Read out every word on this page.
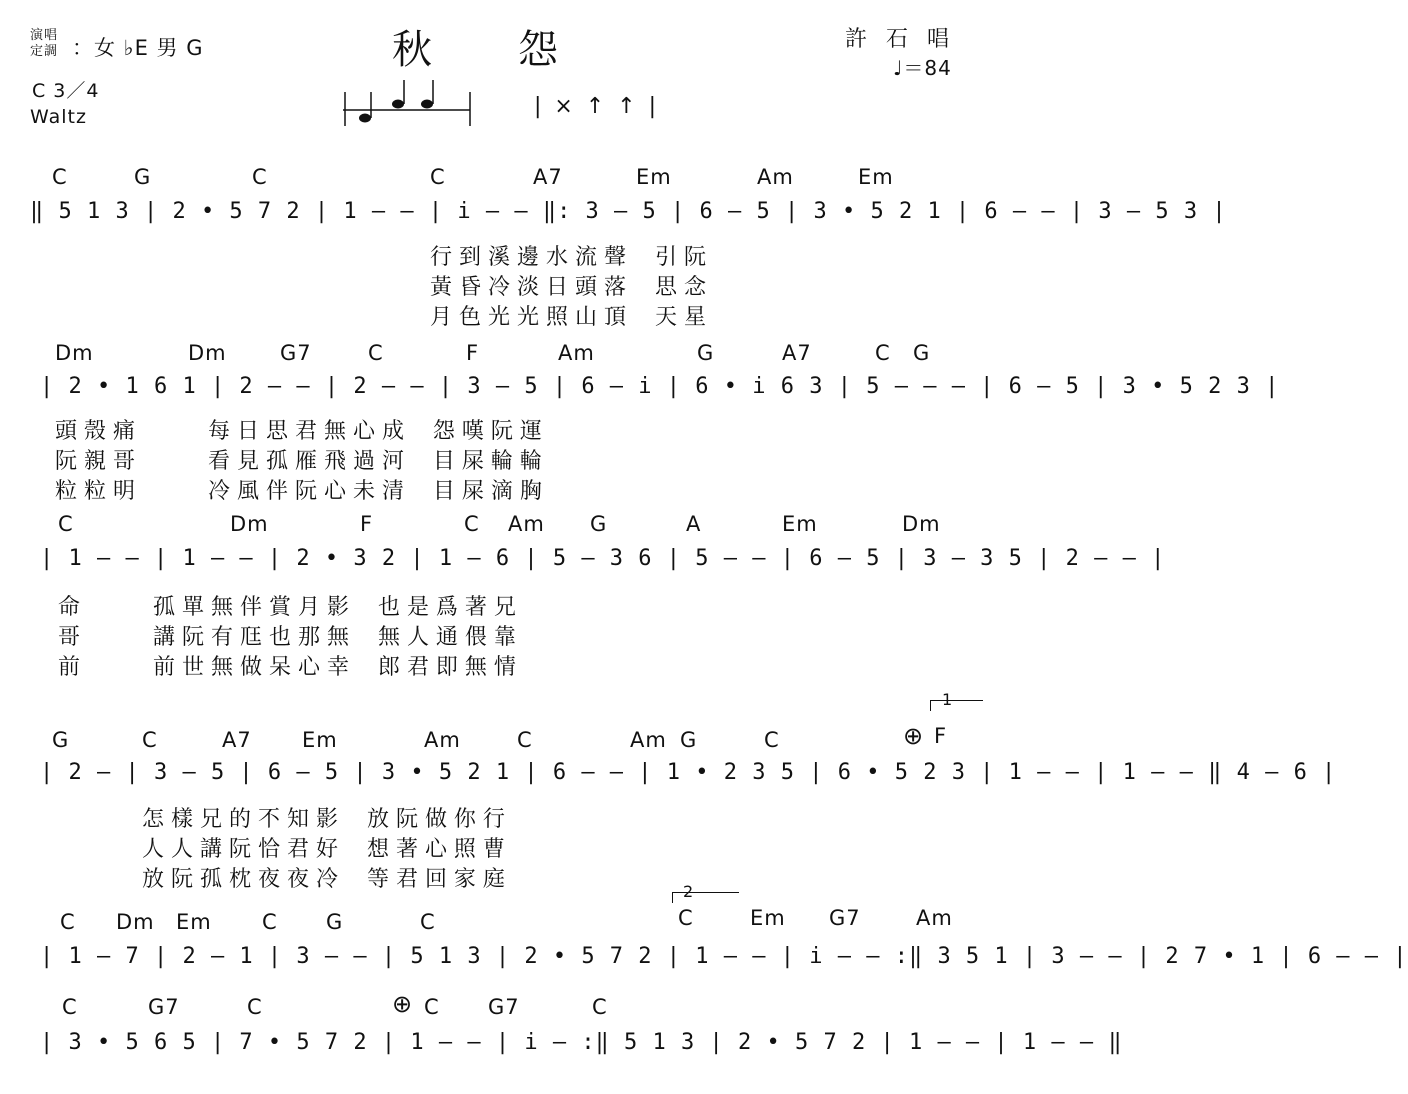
演唱
定調 ：女 ♭E 男 G
C 3／4
Waltz
秋　　怨	許 石 唱
♩＝84
| × ↑ ↑ |
C	G	C	C	A7	Em	Am	Em
‖ 5 1 3 | 2 • 5 7 2 | 1 — — | i — — ‖: 3 — 5 | 6 — 5 | 3 • 5 2 1 | 6 — — | 3 — 5 3 |
行 到 溪 邊 水 流 聲　 引 阮
黃 昏 冷 淡 日 頭 落　 思 念
月 色 光 光 照 山 頂　 天 星
Dm	Dm	G7	C	F	Am	G	A7	C G
| 2 • 1 6 1 | 2 — — | 2 — — | 3 — 5 | 6 — i | 6 • i 6 3 | 5 — — — | 6 — 5 | 3 • 5 2 3 |
頭 殼 痛　　　 每 日 思 君 無 心 成　 怨 嘆 阮 運
阮 親 哥　　　 看 見 孤 雁 飛 過 河　 目 屎 輪 輪
粒 粒 明　　　 冷 風 伴 阮 心 未 清　 目 屎 滴 胸
C	Dm	F	C Am G	A	Em	Dm
| 1 — — | 1 — — | 2 • 3 2 | 1 — 6 | 5 — 3 6 | 5 — — | 6 — 5 | 3 — 3 5 | 2 — — |
命　　　 孤 單 無 伴 賞 月 影　 也 是 爲 著 兄
哥　　　 講 阮 有 尫 也 那 無　 無 人 通 偎 靠
前　　　 前 世 無 做 呆 心 幸　 郎 君 即 無 情
1
G	C	A7 Em	Am	C	Am G	C	⊕ F
| 2 — | 3 — 5 | 6 — 5 | 3 • 5 2 1 | 6 — — | 1 • 2 3 5 | 6 • 5 2 3 | 1 — — | 1 — — ‖ 4 — 6 |
怎 樣 兄 的 不 知 影　 放 阮 做 你 行
人 人 講 阮 恰 君 好　 想 著 心 照 曹
放 阮 孤 枕 夜 夜 冷　 等 君 回 家 庭	2
C Dm Em C G	C	C	Em G7	Am
| 1 — 7 | 2 — 1 | 3 — — | 5 1 3 | 2 • 5 7 2 | 1 — — | i — — :‖ 3 5 1 | 3 — — | 2 7 • 1 | 6 — — |
C	G7	C	⊕ C G7	C
| 3 • 5 6 5 | 7 • 5 7 2 | 1 — — | i — :‖ 5 1 3 | 2 • 5 7 2 | 1 — — | 1 — — ‖
